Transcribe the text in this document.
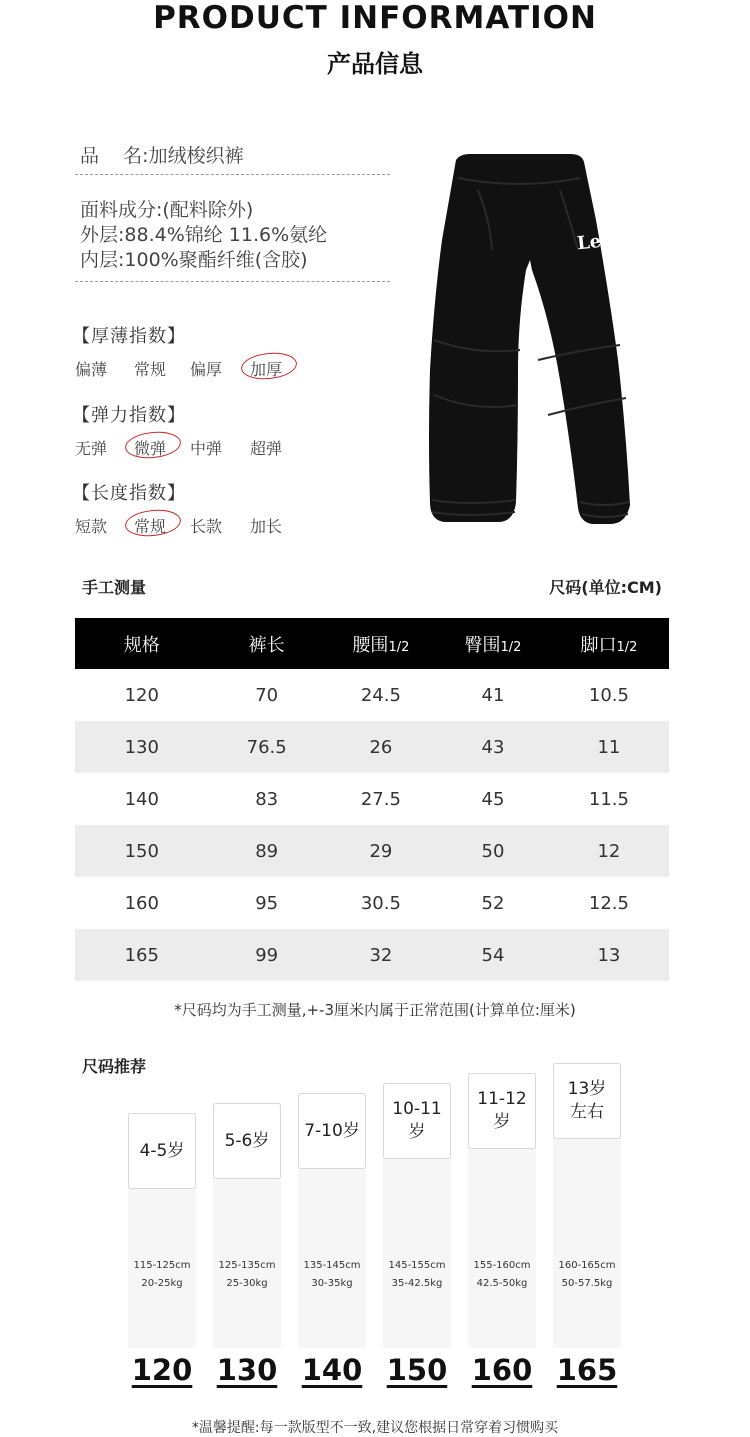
PRODUCT INFORMATION
产品信息
品    名:加绒梭织裤
面料成分:(配料除外)
外层:88.4%锦纶 11.6%氨纶
内层:100%聚酯纤维(含胶)
【厚薄指数】
偏薄 常规 偏厚 加厚
【弹力指数】
无弹 微弹 中弹 超弹
【长度指数】
短款 常规 长款 加长
Lee
手工测量	尺码(单位:CM)
规格	裤长	腰围1/2	臀围1/2	脚口1/2
120	70	24.5	41	10.5
130	76.5	26	43	11
140	83	27.5	45	11.5
150	89	29	50	12
160	95	30.5	52	12.5
165	99	32	54	13
*尺码均为手工测量,+-3厘米内属于正常范围(计算单位:厘米)
尺码推荐
4-5岁
115-125cm
20-25kg
120
5-6岁
125-135cm
25-30kg
130
7-10岁
135-145cm
30-35kg
140
10-11岁
145-155cm
35-42.5kg
150
11-12岁
155-160cm
42.5-50kg
160
13岁
左右
160-165cm
50-57.5kg
165
*温馨提醒:每一款版型不一致,建议您根据日常穿着习惯购买
